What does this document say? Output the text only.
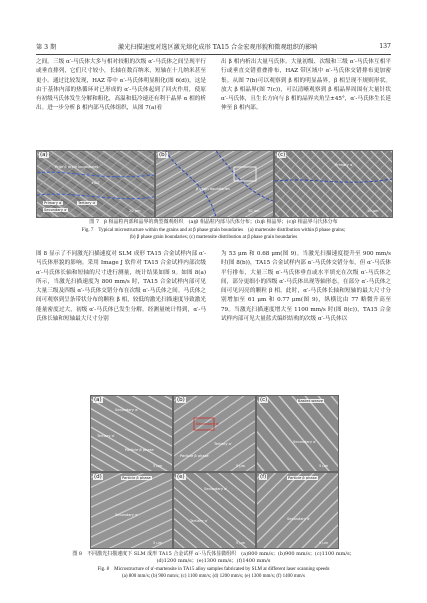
第 3 期	激光扫描速度对选区激光熔化成形 TA15 合金宏观形貌和微观组织的影响	137

之间。三级 α′-马氏体大多与相对较粗的次级 α′-马氏体之间呈现平行或垂直排列，它们尺寸较小，长轴在数百纳米，短轴在十几纳米甚至更小。通过比较发现，HAZ 带中 α′-马氏体明显粗化(图 6(d))，这是由于基体内部的热循环对已形成的 α′-马氏体起到了回火作用，使原有初级马氏体发生分解和粗化，高温和低冷速还有利于晶界 α 相的析出。进一步分析 β 相内部马氏体组织，从图 7(a)看

出 β 相内析出大量马氏体。大量初级、次级和三级 α′-马氏体互相平行或垂直交错重叠排布，HAZ 带区域中 α′-马氏体交错排布更加密集。从图 7(b)可以观察到 β 相的明显晶界，β 相呈现不规则形状。放大 β 相晶界(图 7(c))，可以清晰观察到 β 相晶界周围有大量针状 α′-马氏体，且生长方向与 β 相的晶界夹角呈±45°，α′-马氏体生长延伸至 β 相内部。

(a)
Prior β grain boundaries
HAZ
Primary α′	Tertiary α′
Secondary α′	20 μm
(b)
β grain boundaries
20 μm
(c)
Primary α′
10 μm
图 7　β 相晶粒内部和晶界的典型微观组织　(a)β 相晶粒内部马氏体分布；(b)β 相晶界；(c)β 相晶界马氏体分布
Fig. 7　Typical microstructure within the grains and at β phase grain boundaries　(a) martensite distribution within β phase grains;
(b) β phase grain boundaries; (c) martensite distribution at β phase grain boundaries

图 8 显示了不同激光扫描速度对 SLM 成形 TA15 合金试样内部 α′-马氏体形貌的影响。采用 Image J 软件对 TA15 合金试样内部次级 α′-马氏体长轴和短轴的尺寸进行测量，统计结果如图 9。如图 8(a)所示，当激光扫描速度为 800 mm/s 时，TA15 合金试样内部可见大量三级及四级 α′-马氏体交错分布在次级 α′-马氏体之间。马氏体之间可观察到呈条带状分布的颗粒 β 相，较低的激光扫描速度导致激光能量密度过大，初级 α′-马氏体已发生分解。经测量统计得到，α′-马氏体长轴和短轴最大尺寸分别

为 53 μm 和 0.68 μm(图 9)。当激光扫描速度提升至 900 mm/s 时(图 8(b))，TA15 合金试样内部 α′-马氏体交错分布，但 α′-马氏体平行排布，大量三级 α′-马氏体垂直或水平填充在次级 α′-马氏体之间，部分更细小的四级 α′-马氏体出现等轴形态，在部分 α′-马氏体之间可见闪亮的颗粒 β 相。此时，α′-马氏体长轴和短轴的最大尺寸分别增加至 61 μm 和 0.77 μm(图 9)，纵横比由 77 略微升高至 79。当激光扫描速度增大至 1100 mm/s 时(图 8(c))，TA15 合金试样内部可见大量蓝式编织结构的次级 α′-马氏体以

(a)
Secondary α′
Tertiary α′
Particle β phase
5 μm
(b)
Secondary α′
Tertiary α′
Particle β phase
5 μm
(c)	Basket-weave
Secondary α′
5 μm
(d)	Particle β phase
Secondary α′
5 μm
(e)
Secondary α′
Tertiary α′
5 μm
(f)	Particle β phase
Secondary α′
5 μm
图 8　不同激光扫描速度下 SLM 成形 TA15 合金试样 α′-马氏体显微组织　(a)800 mm/s；(b)900 mm/s；(c)1100 mm/s；
(d)1200 mm/s；(e)1300 mm/s；(f)1400 mm/s
Fig. 8　Microstructure of α′-martensite in TA15 alloy samples fabricated by SLM at different laser scanning speeds
(a) 800 mm/s; (b) 900 mm/s; (c) 1100 mm/s; (d) 1200 mm/s; (e) 1300 mm/s; (f) 1400 mm/s
